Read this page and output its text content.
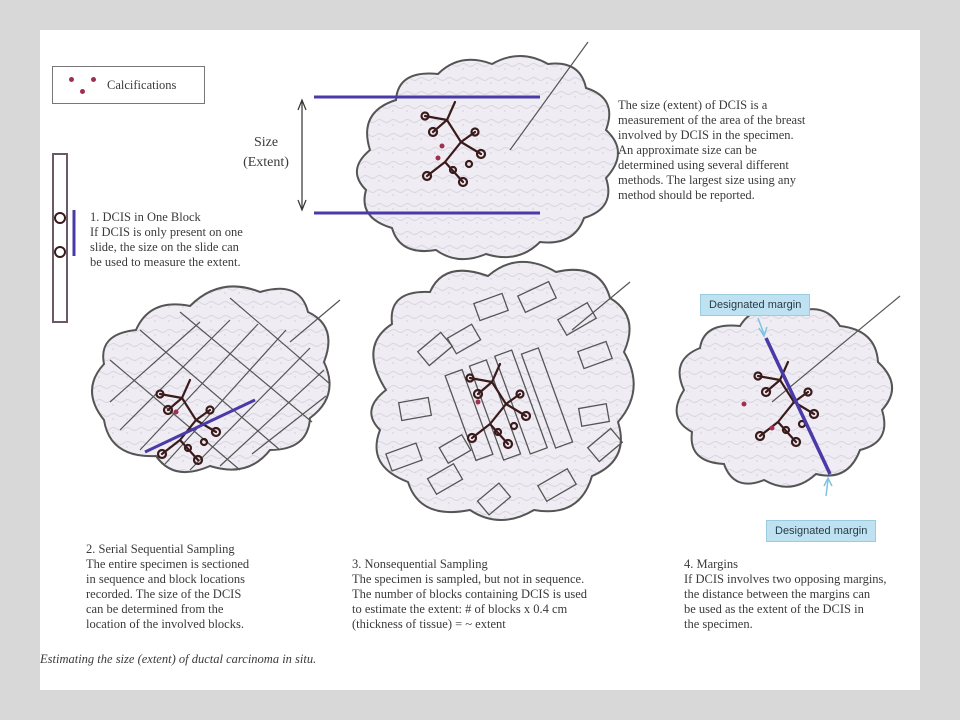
Calcifications
Size
(Extent)

The size (extent) of DCIS is a

measurement of the area of the breast

involved by DCIS in the specimen.

An approximate size can be

determined using several different

methods. The largest size using any

method should be reported.

1. DCIS in One Block

If DCIS is only present on one

slide, the size on the slide can

be used to measure the extent.

2. Serial Sequential Sampling

The entire specimen is sectioned

in sequence and block locations

recorded. The size of the DCIS

can be determined from the

location of the involved blocks.

3. Nonsequential Sampling

The specimen is sampled, but not in sequence.

The number of blocks containing DCIS is used

to estimate the extent: # of blocks x 0.4 cm

(thickness of tissue) = ~ extent

4. Margins

If DCIS involves two opposing margins,

the distance between the margins can

be used as the extent of the DCIS in

the specimen.

Designated margin
Designated margin
Estimating the size (extent) of ductal carcinoma in situ.
